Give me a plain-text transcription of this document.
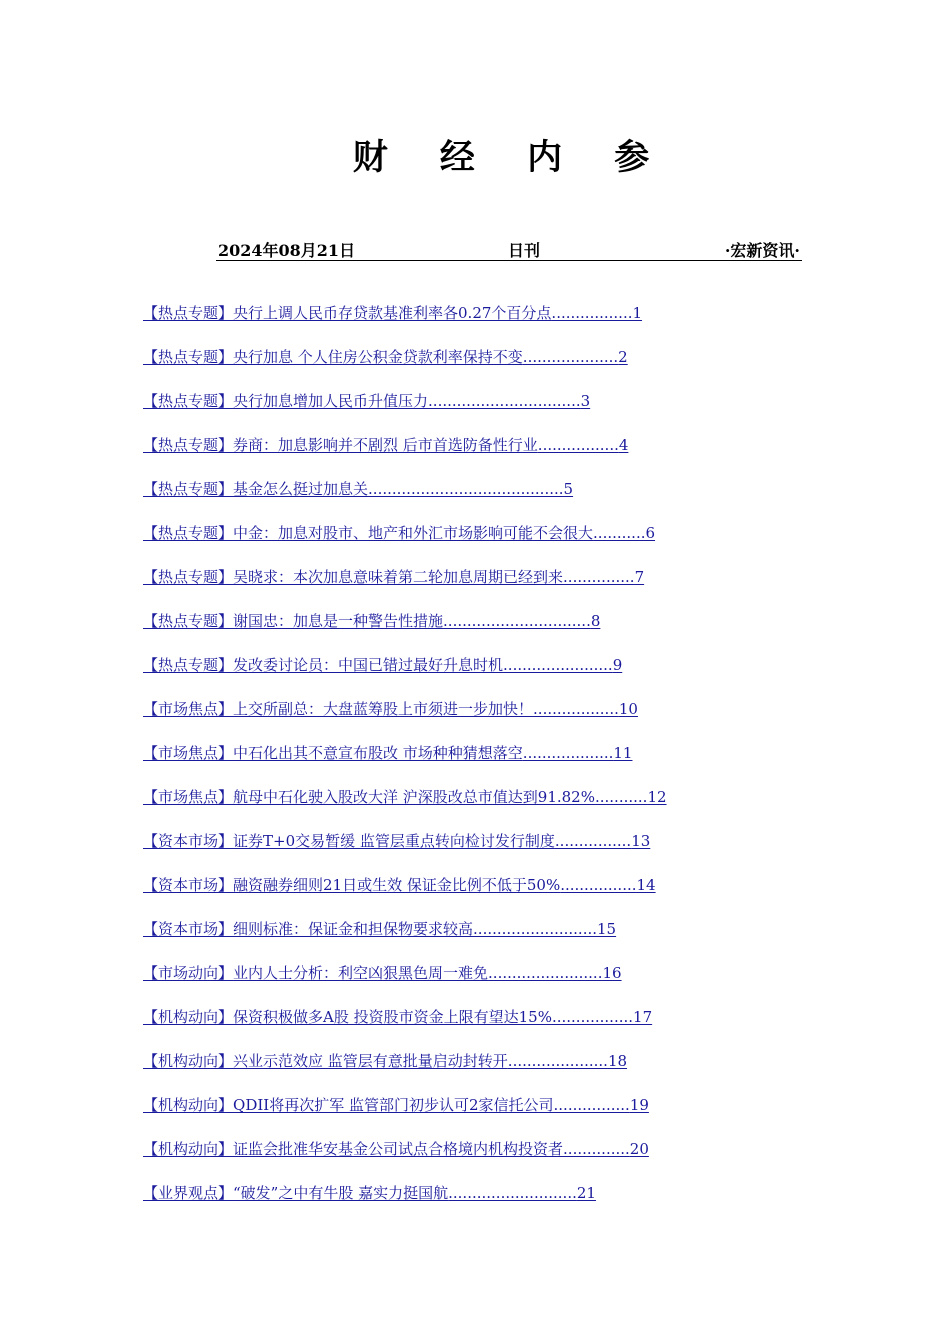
财 经 内 参
2024年08月21日	日刊	·宏新资讯·
【热点专题】央行上调人民币存贷款基准利率各0.27个百分点.................1
【热点专题】央行加息 个人住房公积金贷款利率保持不变....................2
【热点专题】央行加息增加人民币升值压力................................3
【热点专题】券商：加息影响并不剧烈 后市首选防备性行业.................4
【热点专题】基金怎么挺过加息关.........................................5
【热点专题】中金：加息对股市、地产和外汇市场影响可能不会很大...........6
【热点专题】吴晓求：本次加息意味着第二轮加息周期已经到来...............7
【热点专题】谢国忠：加息是一种警告性措施...............................8
【热点专题】发改委讨论员：中国已错过最好升息时机.......................9
【市场焦点】上交所副总：大盘蓝筹股上市须进一步加快！..................10
【市场焦点】中石化出其不意宣布股改 市场种种猜想落空...................11
【市场焦点】航母中石化驶入股改大洋 沪深股改总市值达到91.82%...........12
【资本市场】证券T+0交易暂缓 监管层重点转向检讨发行制度................13
【资本市场】融资融券细则21日或生效 保证金比例不低于50%................14
【资本市场】细则标准：保证金和担保物要求较高..........................15
【市场动向】业内人士分析：利空凶狠黑色周一难免........................16
【机构动向】保资积极做多A股 投资股市资金上限有望达15%.................17
【机构动向】兴业示范效应 监管层有意批量启动封转开.....................18
【机构动向】QDII将再次扩军 监管部门初步认可2家信托公司................19
【机构动向】证监会批准华安基金公司试点合格境内机构投资者..............20
【业界观点】“破发”之中有牛股 嘉实力挺国航...........................21
